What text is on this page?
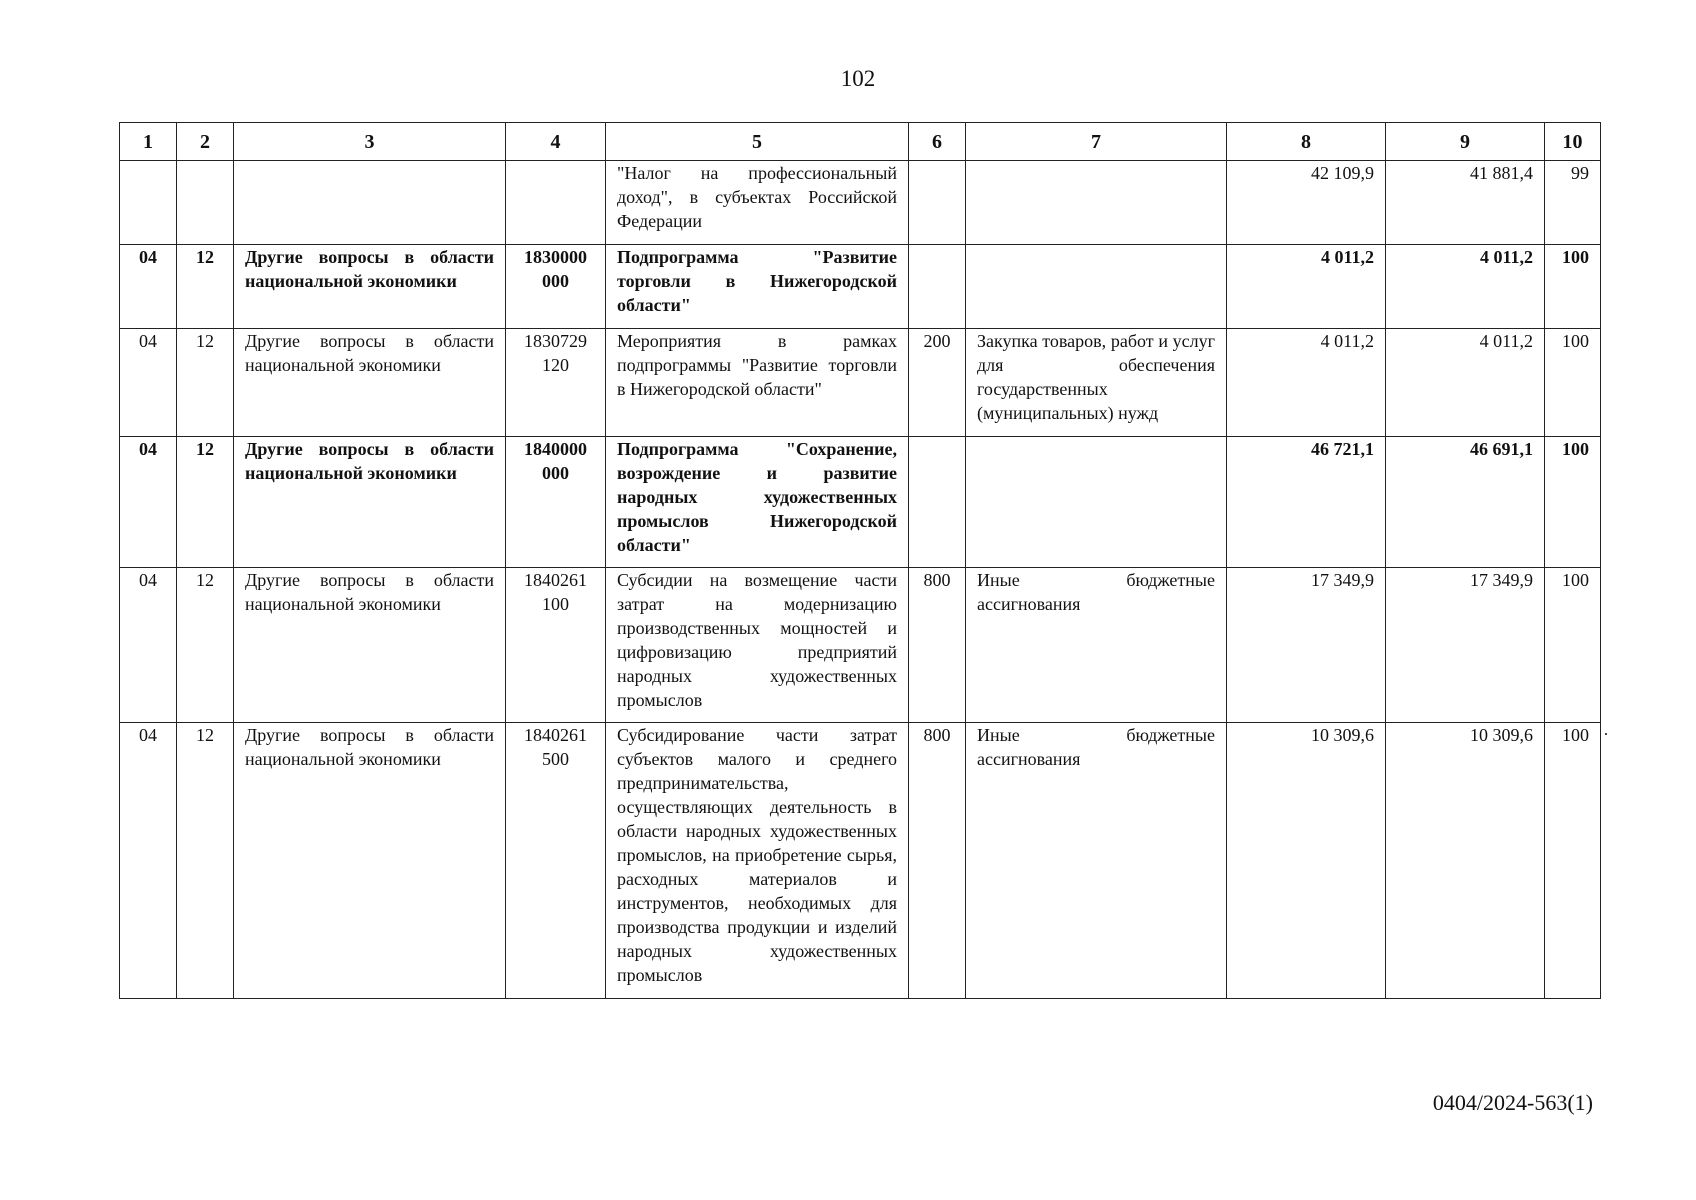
102
1	2	3	4	5	6	7	8	9	10
				"Налог на профессиональный доход", в субъектах Российской Федерации			42 109,9	41 881,4	99
04	12	Другие вопросы в области национальной экономики	1830000 000	Подпрограмма "Развитие торговли в Нижегородской области"			4 011,2	4 011,2	100
04	12	Другие вопросы в области национальной экономики	1830729 120	Мероприятия в рамках подпрограммы "Развитие торговли в Нижегородской области"	200	Закупка товаров, работ и услуг для обеспечения государственных (муниципальных) нужд	4 011,2	4 011,2	100
04	12	Другие вопросы в области национальной экономики	1840000 000	Подпрограмма "Сохранение, возрождение и развитие народных художественных промыслов Нижегородской области"			46 721,1	46 691,1	100
04	12	Другие вопросы в области национальной экономики	1840261 100	Субсидии на возмещение части затрат на модернизацию производственных мощностей и цифровизацию предприятий народных художественных промыслов	800	Иные бюджетные ассигнования	17 349,9	17 349,9	100
04	12	Другие вопросы в области национальной экономики	1840261 500	Субсидирование части затрат субъектов малого и среднего предпринимательства, осуществляющих деятельность в области народных художественных промыслов, на приобретение сырья, расходных материалов и инструментов, необходимых для производства продукции и изделий народных художественных промыслов	800	Иные бюджетные ассигнования	10 309,6	10 309,6	100
0404/2024-563(1)
